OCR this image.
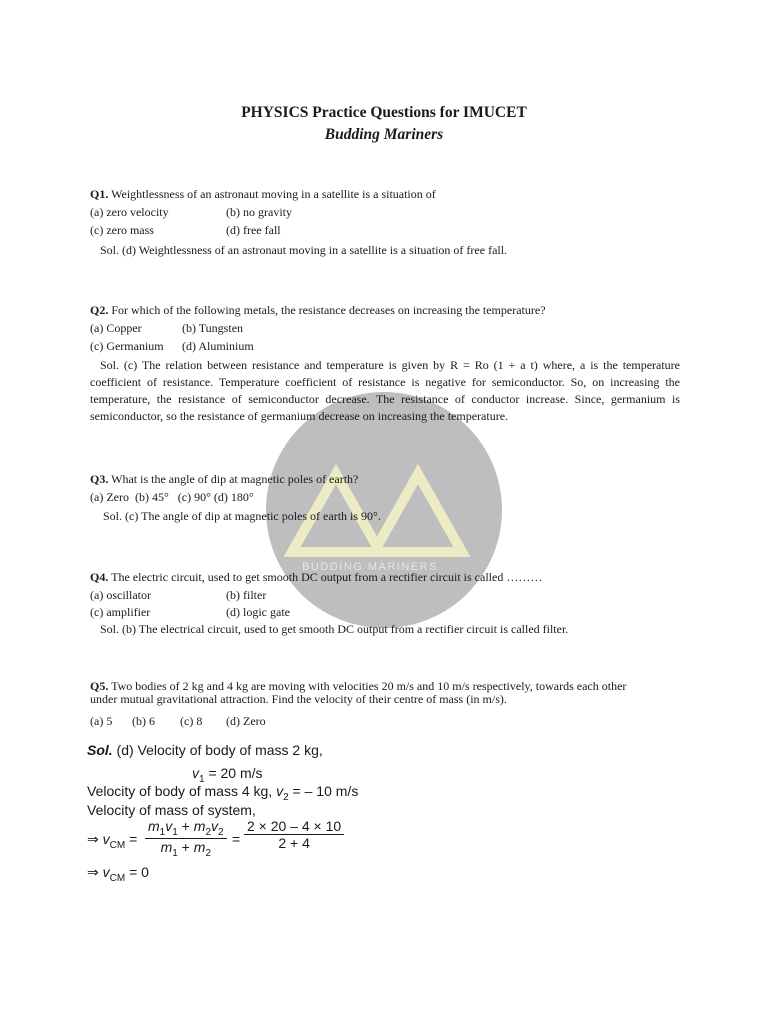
BUDDING MARINERS
PHYSICS Practice Questions for IMUCET
Budding Mariners
Q1. Weightlessness of an astronaut moving in a satellite is a situation of
(a) zero velocity	(b) no gravity
(c) zero mass	(d) free fall
Sol. (d) Weightlessness of an astronaut moving in a satellite is a situation of free fall.
Q2. For which of the following metals, the resistance decreases on increasing the temperature?
(a) Copper	(b) Tungsten
(c) Germanium (d) Aluminium
Sol. (c) The relation between resistance and temperature is given by R = Ro (1 + a t) where, a is the temperature coefficient of resistance. Temperature coefficient of resistance is negative for semiconductor. So, on increasing the temperature, the resistance of semiconductor decrease. The resistance of conductor increase. Since, germanium is semiconductor, so the resistance of germanium decrease on increasing the temperature.
Q3. What is the angle of dip at magnetic poles of earth?
(a) Zero  (b) 45°   (c) 90° (d) 180°
Sol. (c) The angle of dip at magnetic poles of earth is 90°.
Q4. The electric circuit, used to get smooth DC output from a rectifier circuit is called ………
(a) oscillator	(b) filter
(c) amplifier	(d) logic gate
Sol. (b) The electrical circuit, used to get smooth DC output from a rectifier circuit is called filter.
Q5. Two bodies of 2 kg and 4 kg are moving with velocities 20 m/s and 10 m/s respectively, towards each other
under mutual gravitational attraction. Find the velocity of their centre of mass (in m/s).
(a) 5 (b) 6 (c) 8 (d) Zero
Sol. (d) Velocity of body of mass 2 kg,
$v_1 = 20$ m/s
Velocity of body of mass 4 kg, $v_2$ = – 10 m/s
Velocity of mass of system,
⇒ $v_{CM}$ =
$m_1v_1 + m_2v_2$
$m_1 + m_2$
=
2 × 20 – 4 × 10
2 + 4
⇒ $v_{CM} = 0$
